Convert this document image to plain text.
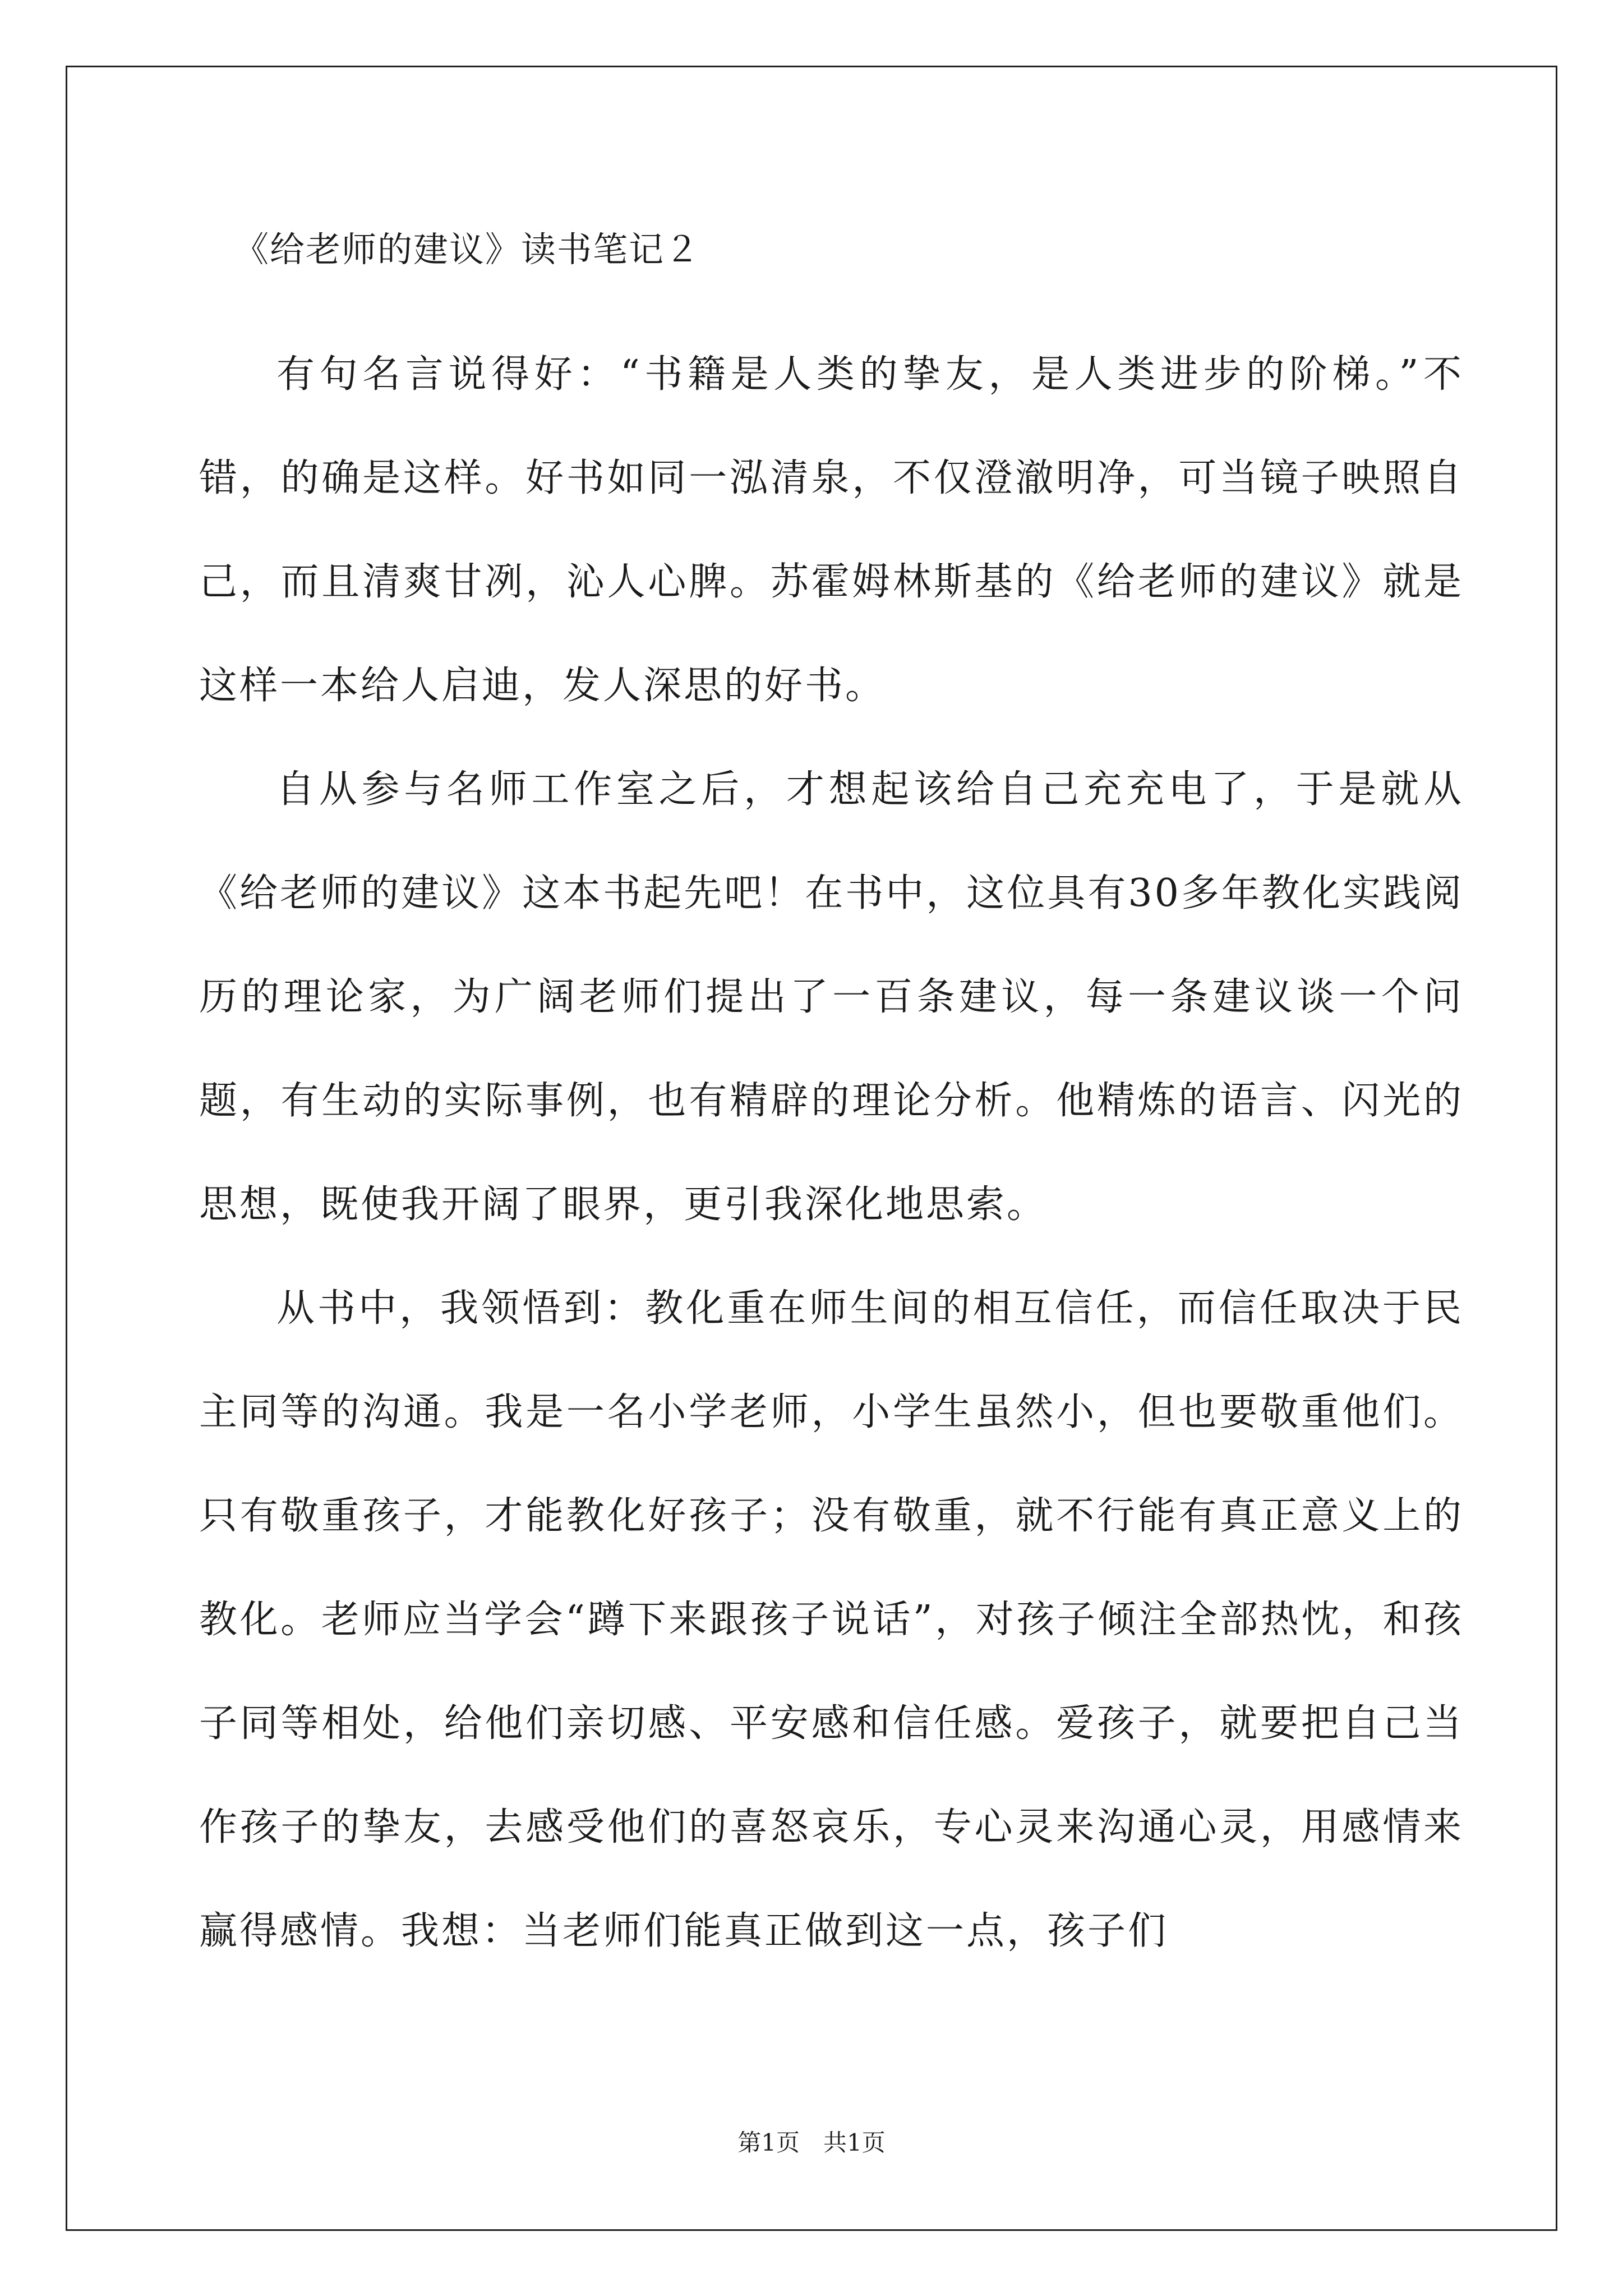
《给老师的建议》读书笔记２

有句名言说得好：“书籍是人类的挚友，是人类进步的阶梯。”不错，的确是这样。好书如同一泓清泉，不仅澄澈明净，可当镜子映照自己，而且清爽甘冽，沁人心脾。苏霍姆林斯基的《给老师的建议》就是这样一本给人启迪，发人深思的好书。

自从参与名师工作室之后，才想起该给自己充充电了，于是就从《给老师的建议》这本书起先吧！在书中，这位具有30多年教化实践阅历的理论家，为广阔老师们提出了一百条建议，每一条建议谈一个问题，有生动的实际事例，也有精辟的理论分析。他精炼的语言、闪光的思想，既使我开阔了眼界，更引我深化地思索。

从书中，我领悟到：教化重在师生间的相互信任，而信任取决于民主同等的沟通。我是一名小学老师，小学生虽然小，但也要敬重他们。只有敬重孩子，才能教化好孩子；没有敬重，就不行能有真正意义上的教化。老师应当学会“蹲下来跟孩子说话”，对孩子倾注全部热忱，和孩子同等相处，给他们亲切感、平安感和信任感。爱孩子，就要把自己当作孩子的挚友，去感受他们的喜怒哀乐，专心灵来沟通心灵，用感情来赢得感情。我想：当老师们能真正做到这一点，孩子们

第1页　共1页
